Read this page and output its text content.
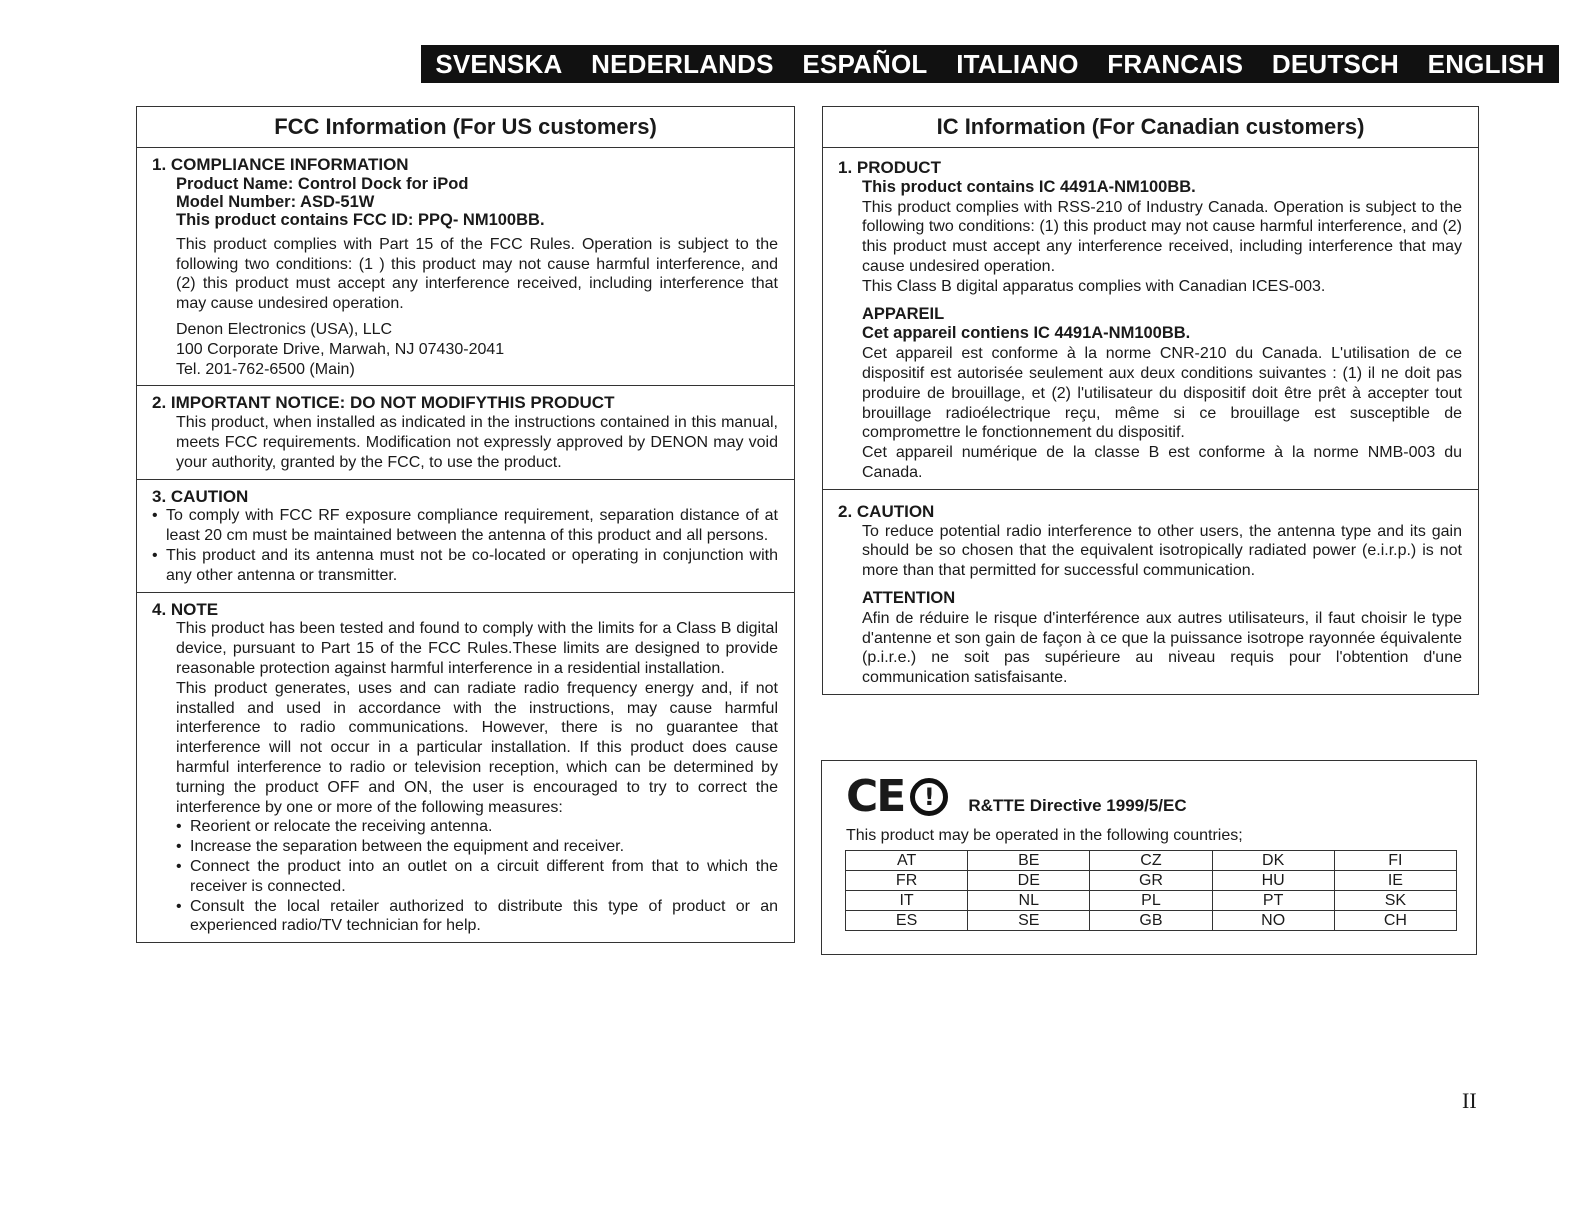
SVENSKA NEDERLANDS ESPAÑOL ITALIANO FRANCAIS DEUTSCH ENGLISH
FCC Information (For US customers)
1. COMPLIANCE INFORMATION
Product Name: Control Dock for iPod
Model Number: ASD-51W
This product contains FCC ID: PPQ- NM100BB.
This product complies with Part 15 of the FCC Rules. Operation is subject to the following two conditions: (1 ) this product may not cause harmful interference, and (2) this product must accept any interference received, including interference that may cause undesired operation.
Denon Electronics (USA), LLC
100 Corporate Drive, Marwah, NJ 07430-2041
Tel. 201-762-6500 (Main)
2. IMPORTANT NOTICE: DO NOT MODIFYTHIS PRODUCT
This product, when installed as indicated in the instructions contained in this manual, meets FCC requirements. Modification not expressly approved by DENON may void your authority, granted by the FCC, to use the product.
3. CAUTION
• To comply with FCC RF exposure compliance requirement, separation distance of at least 20 cm must be maintained between the antenna of this product and all persons.
• This product and its antenna must not be co-located or operating in conjunction with any other antenna or transmitter.
4. NOTE
This product has been tested and found to comply with the limits for a Class B digital device, pursuant to Part 15 of the FCC Rules.These limits are designed to provide reasonable protection against harmful interference in a residential installation.
This product generates, uses and can radiate radio frequency energy and, if not installed and used in accordance with the instructions, may cause harmful interference to radio communications. However, there is no guarantee that interference will not occur in a particular installation. If this product does cause harmful interference to radio or television reception, which can be determined by turning the product OFF and ON, the user is encouraged to try to correct the interference by one or more of the following measures:
• Reorient or relocate the receiving antenna.
• Increase the separation between the equipment and receiver.
• Connect the product into an outlet on a circuit different from that to which the receiver is connected.
• Consult the local retailer authorized to distribute this type of product or an experienced radio/TV technician for help.
IC Information (For Canadian customers)
1. PRODUCT
This product contains IC 4491A-NM100BB.
This product complies with RSS-210 of Industry Canada. Operation is subject to the following two conditions: (1) this product may not cause harmful interference, and (2) this product must accept any interference received, including interference that may cause undesired operation.
This Class B digital apparatus complies with Canadian ICES-003.
APPAREIL
Cet appareil contiens IC 4491A-NM100BB.
Cet appareil est conforme à la norme CNR-210 du Canada. L'utilisation de ce dispositif est autorisée seulement aux deux conditions suivantes : (1) il ne doit pas produire de brouillage, et (2) l'utilisateur du dispositif doit être prêt à accepter tout brouillage radioélectrique reçu, même si ce brouillage est susceptible de compromettre le fonctionnement du dispositif.
Cet appareil numérique de la classe B est conforme à la norme NMB-003 du Canada.
2. CAUTION
To reduce potential radio interference to other users, the antenna type and its gain should be so chosen that the equivalent isotropically radiated power (e.i.r.p.) is not more than that permitted for successful communication.
ATTENTION
Afin de réduire le risque d'interférence aux autres utilisateurs, il faut choisir le type d'antenne et son gain de façon à ce que la puissance isotrope rayonnée équivalente (p.i.r.e.) ne soit pas supérieure au niveau requis pour l'obtention d'une communication satisfaisante.
CE !	R&TTE Directive 1999/5/EC
This product may be operated in the following countries;
AT	BE	CZ	DK	FI
FR	DE	GR	HU	IE
IT	NL	PL	PT	SK
ES	SE	GB	NO	CH
II
